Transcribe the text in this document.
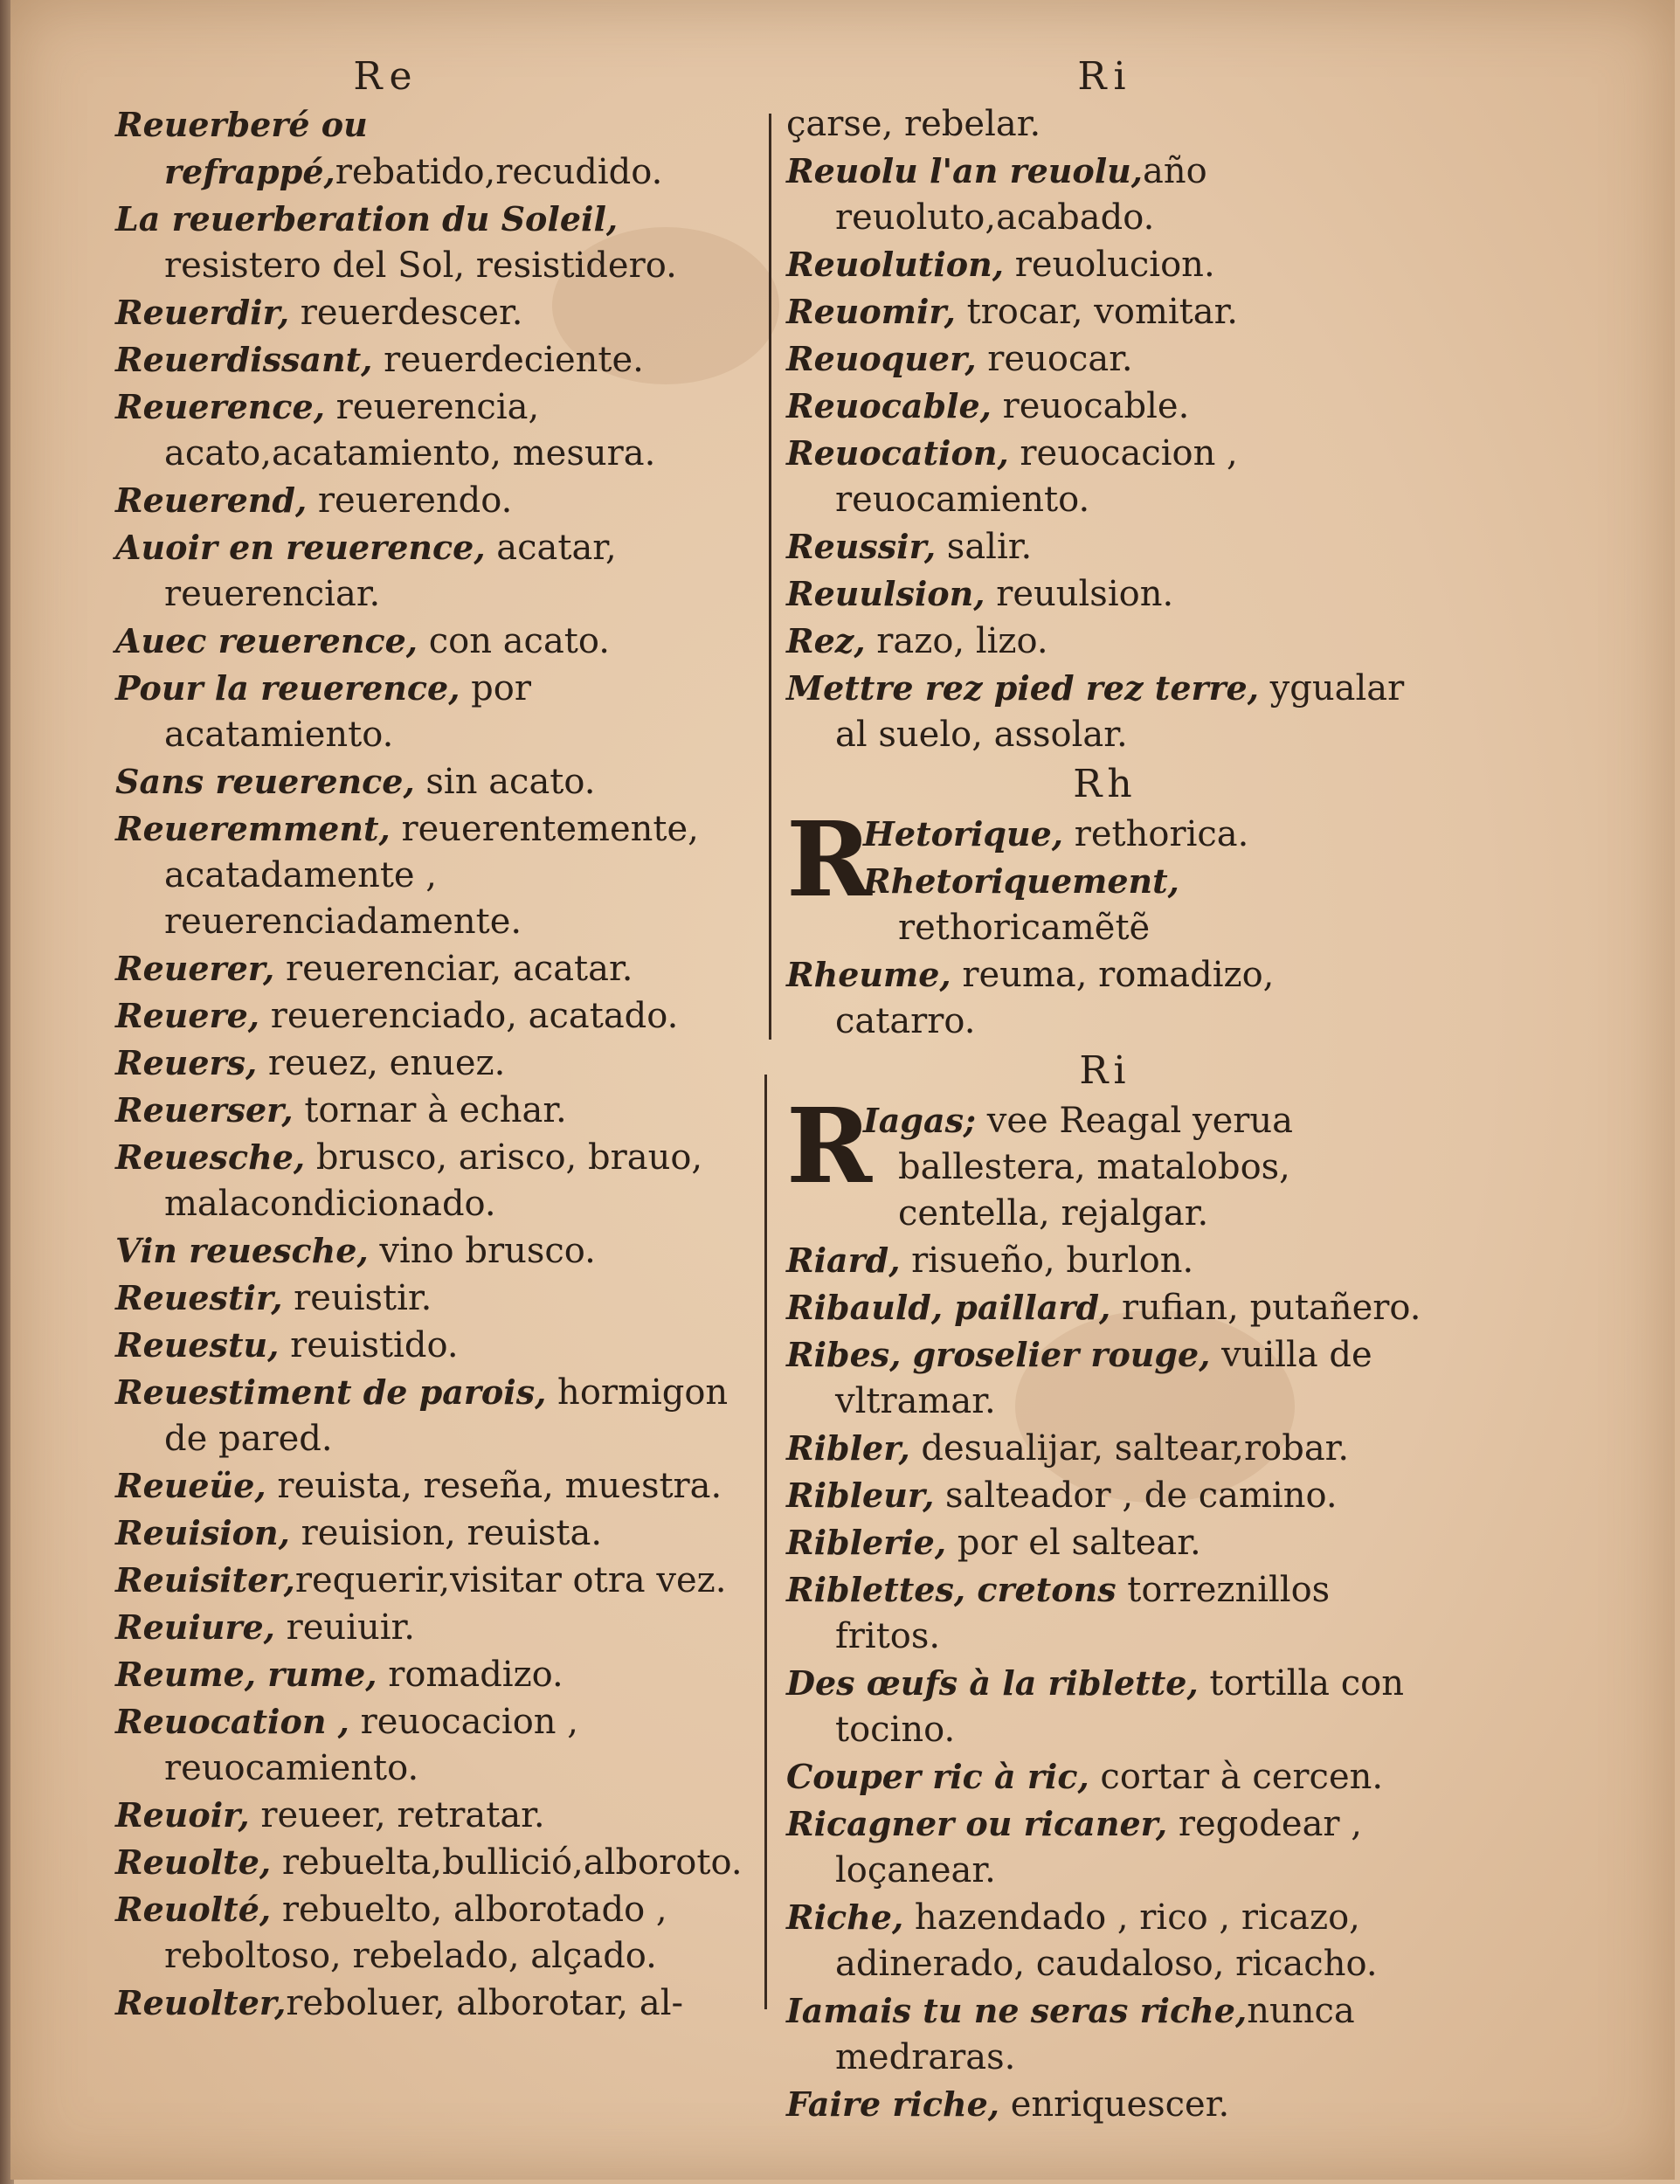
Re

Reuerberé ou refrappé,rebatido,recudido.

La reuerberation du Soleil, resistero del Sol, resistidero.

Reuerdir, reuerdescer.

Reuerdissant, reuerdeciente.

Reuerence, reuerencia, acato,acatamiento, mesura.

Reuerend, reuerendo.

Auoir en reuerence, acatar, reuerenciar.

Auec reuerence, con acato.

Pour la reuerence, por acatamiento.

Sans reuerence, sin acato.

Reueremment, reuerentemente, acatadamente , reuerenciadamente.

Reuerer, reuerenciar, acatar.

Reuere, reuerenciado, acatado.

Reuers, reuez, enuez.

Reuerser, tornar à echar.

Reuesche, brusco, arisco, brauo, malacondicionado.

Vin reuesche, vino brusco.

Reuestir, reuistir.

Reuestu, reuistido.

Reuestiment de parois, hormigon de pared.

Reueüe, reuista, reseña, muestra.

Reuision, reuision, reuista.

Reuisiter,requerir,visitar otra vez.

Reuiure, reuiuir.

Reume, rume, romadizo.

Reuocation , reuocacion , reuocamiento.

Reuoir, reueer, retratar.

Reuolte, rebuelta,bullició,alboroto.

Reuolté, rebuelto, alborotado , reboltoso, rebelado, alçado.

Reuolter,reboluer, alborotar, al-

Ri

çarse, rebelar.

Reuolu l'an reuolu,año reuoluto,acabado.

Reuolution, reuolucion.

Reuomir, trocar, vomitar.

Reuoquer, reuocar.

Reuocable, reuocable.

Reuocation, reuocacion , reuocamiento.

Reussir, salir.

Reuulsion, reuulsion.

Rez, razo, lizo.

Mettre rez pied rez terre, ygualar al suelo, assolar.

Rh
R

Hetorique, rethorica.

Rhetoriquement, rethoricamẽtẽ

Rheume, reuma, romadizo, catarro.

Ri
R

Iagas; vee Reagal yerua ballestera, matalobos, centella, rejalgar.

Riard, risueño, burlon.

Ribauld, paillard, rufian, putañero.

Ribes, groselier rouge, vuilla de vltramar.

Ribler, desualijar, saltear,robar.

Ribleur, salteador , de camino.

Riblerie, por el saltear.

Riblettes, cretons torreznillos fritos.

Des œufs à la riblette, tortilla con tocino.

Couper ric à ric, cortar à cercen.

Ricagner ou ricaner, regodear , loçanear.

Riche, hazendado , rico , ricazo, adinerado, caudaloso, ricacho.

Iamais tu ne seras riche,nunca medraras.

Faire riche, enriquescer.
